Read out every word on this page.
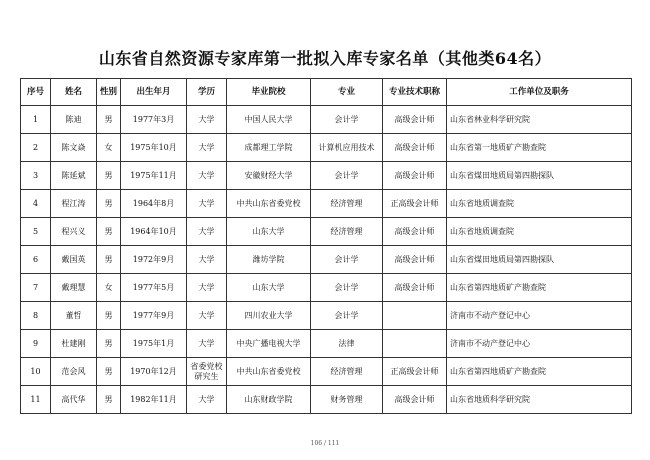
山东省自然资源专家库第一批拟入库专家名单（其他类64名）
序号	姓名	性别	出生年月	学历	毕业院校	专业	专业技术职称	工作单位及职务
1	陈迪	男	1977年3月	大学	中国人民大学	会计学	高级会计师	山东省林业科学研究院
2	陈文焱	女	1975年10月	大学	成都理工学院	计算机应用技术	高级会计师	山东省第一地质矿产勘查院
3	陈延斌	男	1975年11月	大学	安徽财经大学	会计学	高级会计师	山东省煤田地质局第四勘探队
4	程江涛	男	1964年8月	大学	中共山东省委党校	经济管理	正高级会计师	山东省地质调查院
5	程兴义	男	1964年10月	大学	山东大学	经济管理	高级会计师	山东省地质调查院
6	戴国英	男	1972年9月	大学	潍坊学院	会计学	高级会计师	山东省煤田地质局第四勘探队
7	戴理慧	女	1977年5月	大学	山东大学	会计学	高级会计师	山东省第四地质矿产勘查院
8	董哲	男	1977年9月	大学	四川农业大学	会计学		济南市不动产登记中心
9	杜建刚	男	1975年1月	大学	中央广播电视大学	法律		济南市不动产登记中心
10	范会风	男	1970年12月	省委党校研究生	中共山东省委党校	经济管理	正高级会计师	山东省第四地质矿产勘查院
11	高代华	男	1982年11月	大学	山东财政学院	财务管理	高级会计师	山东省地质科学研究院
106 / 111
